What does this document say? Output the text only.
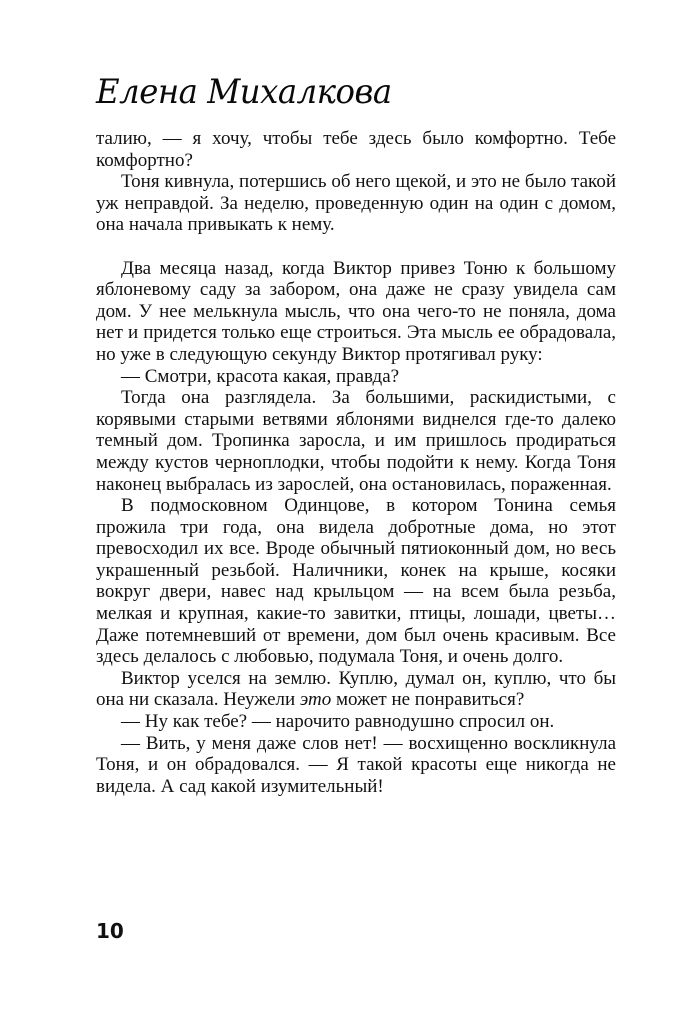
Елена Михалкова

талию, — я хочу, чтобы тебе здесь было комфортно. Тебе комфортно?

Тоня кивнула, потершись об него щекой, и это не было такой уж неправдой. За неделю, проведенную один на один с домом, она начала привыкать к нему.

Два месяца назад, когда Виктор привез Тоню к большому яблоневому саду за забором, она даже не сразу увидела сам дом. У нее мелькнула мысль, что она чего-то не поняла, дома нет и придется только еще строиться. Эта мысль ее обрадовала, но уже в следующую секунду Виктор протягивал руку:

— Смотри, красота какая, правда?

Тогда она разглядела. За большими, раскидистыми, с корявыми старыми ветвями яблонями виднелся где-то далеко темный дом. Тропинка заросла, и им пришлось продираться между кустов черноплодки, чтобы подойти к нему. Когда Тоня наконец выбралась из зарослей, она остановилась, пораженная.

В подмосковном Одинцове, в котором Тонина семья прожила три года, она видела добротные дома, но этот превосходил их все. Вроде обычный пятиоконный дом, но весь украшенный резьбой. Наличники, конек на крыше, косяки вокруг двери, навес над крыльцом — на всем была резьба, мелкая и крупная, какие-то завитки, птицы, лошади, цветы… Даже потемневший от времени, дом был очень красивым. Все здесь делалось с любовью, подумала Тоня, и очень долго.

Виктор уселся на землю. Куплю, думал он, куплю, что бы она ни сказала. Неужели это может не понравиться?

— Ну как тебе? — нарочито равнодушно спросил он.

— Вить, у меня даже слов нет! — восхищенно воскликнула Тоня, и он обрадовался. — Я такой красоты еще никогда не видела. А сад какой изумительный!

10
